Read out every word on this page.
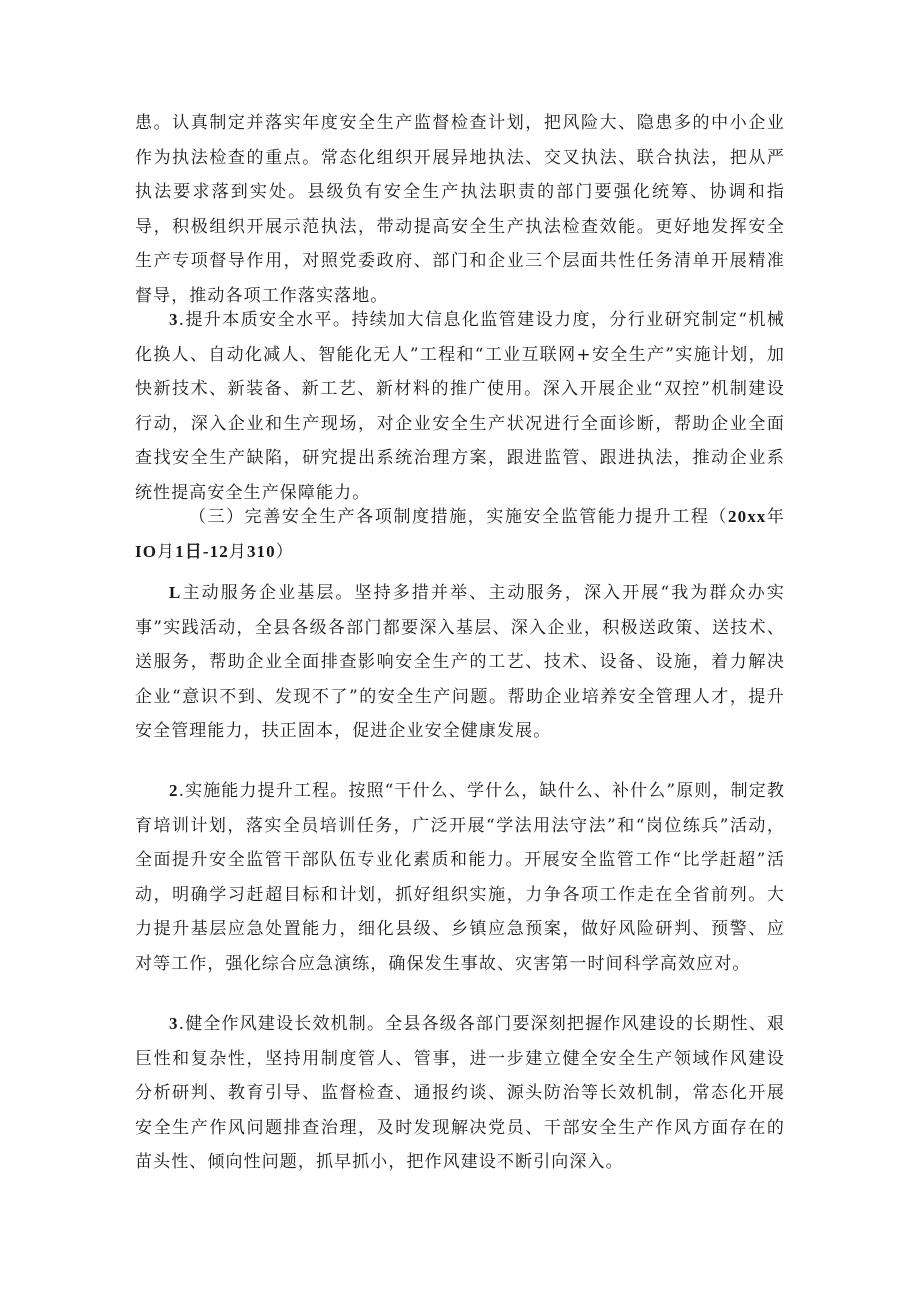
患。认真制定并落实年度安全生产监督检查计划，把风险大、隐患多的中小企业作为执法检查的重点。常态化组织开展异地执法、交叉执法、联合执法，把从严执法要求落到实处。县级负有安全生产执法职责的部门要强化统筹、协调和指导，积极组织开展示范执法，带动提高安全生产执法检查效能。更好地发挥安全生产专项督导作用，对照党委政府、部门和企业三个层面共性任务清单开展精准督导，推动各项工作落实落地。

3.提升本质安全水平。持续加大信息化监管建设力度，分行业研究制定“机械化换人、自动化减人、智能化无人”工程和“工业互联网+安全生产”实施计划，加快新技术、新装备、新工艺、新材料的推广使用。深入开展企业“双控”机制建设行动，深入企业和生产现场，对企业安全生产状况进行全面诊断，帮助企业全面查找安全生产缺陷，研究提出系统治理方案，跟进监管、跟进执法，推动企业系统性提高安全生产保障能力。

（三）完善安全生产各项制度措施，实施安全监管能力提升工程（20xx年IO月1日-12月310）

L主动服务企业基层。坚持多措并举、主动服务，深入开展“我为群众办实事”实践活动，全县各级各部门都要深入基层、深入企业，积极送政策、送技术、送服务，帮助企业全面排查影响安全生产的工艺、技术、设备、设施，着力解决企业“意识不到、发现不了”的安全生产问题。帮助企业培养安全管理人才，提升安全管理能力，扶正固本，促进企业安全健康发展。

2.实施能力提升工程。按照“干什么、学什么，缺什么、补什么”原则，制定教育培训计划，落实全员培训任务，广泛开展“学法用法守法”和“岗位练兵”活动，全面提升安全监管干部队伍专业化素质和能力。开展安全监管工作“比学赶超”活动，明确学习赶超目标和计划，抓好组织实施，力争各项工作走在全省前列。大力提升基层应急处置能力，细化县级、乡镇应急预案，做好风险研判、预警、应对等工作，强化综合应急演练，确保发生事故、灾害第一时间科学高效应对。

3.健全作风建设长效机制。全县各级各部门要深刻把握作风建设的长期性、艰巨性和复杂性，坚持用制度管人、管事，进一步建立健全安全生产领域作风建设分析研判、教育引导、监督检查、通报约谈、源头防治等长效机制，常态化开展安全生产作风问题排查治理，及时发现解决党员、干部安全生产作风方面存在的苗头性、倾向性问题，抓早抓小，把作风建设不断引向深入。
